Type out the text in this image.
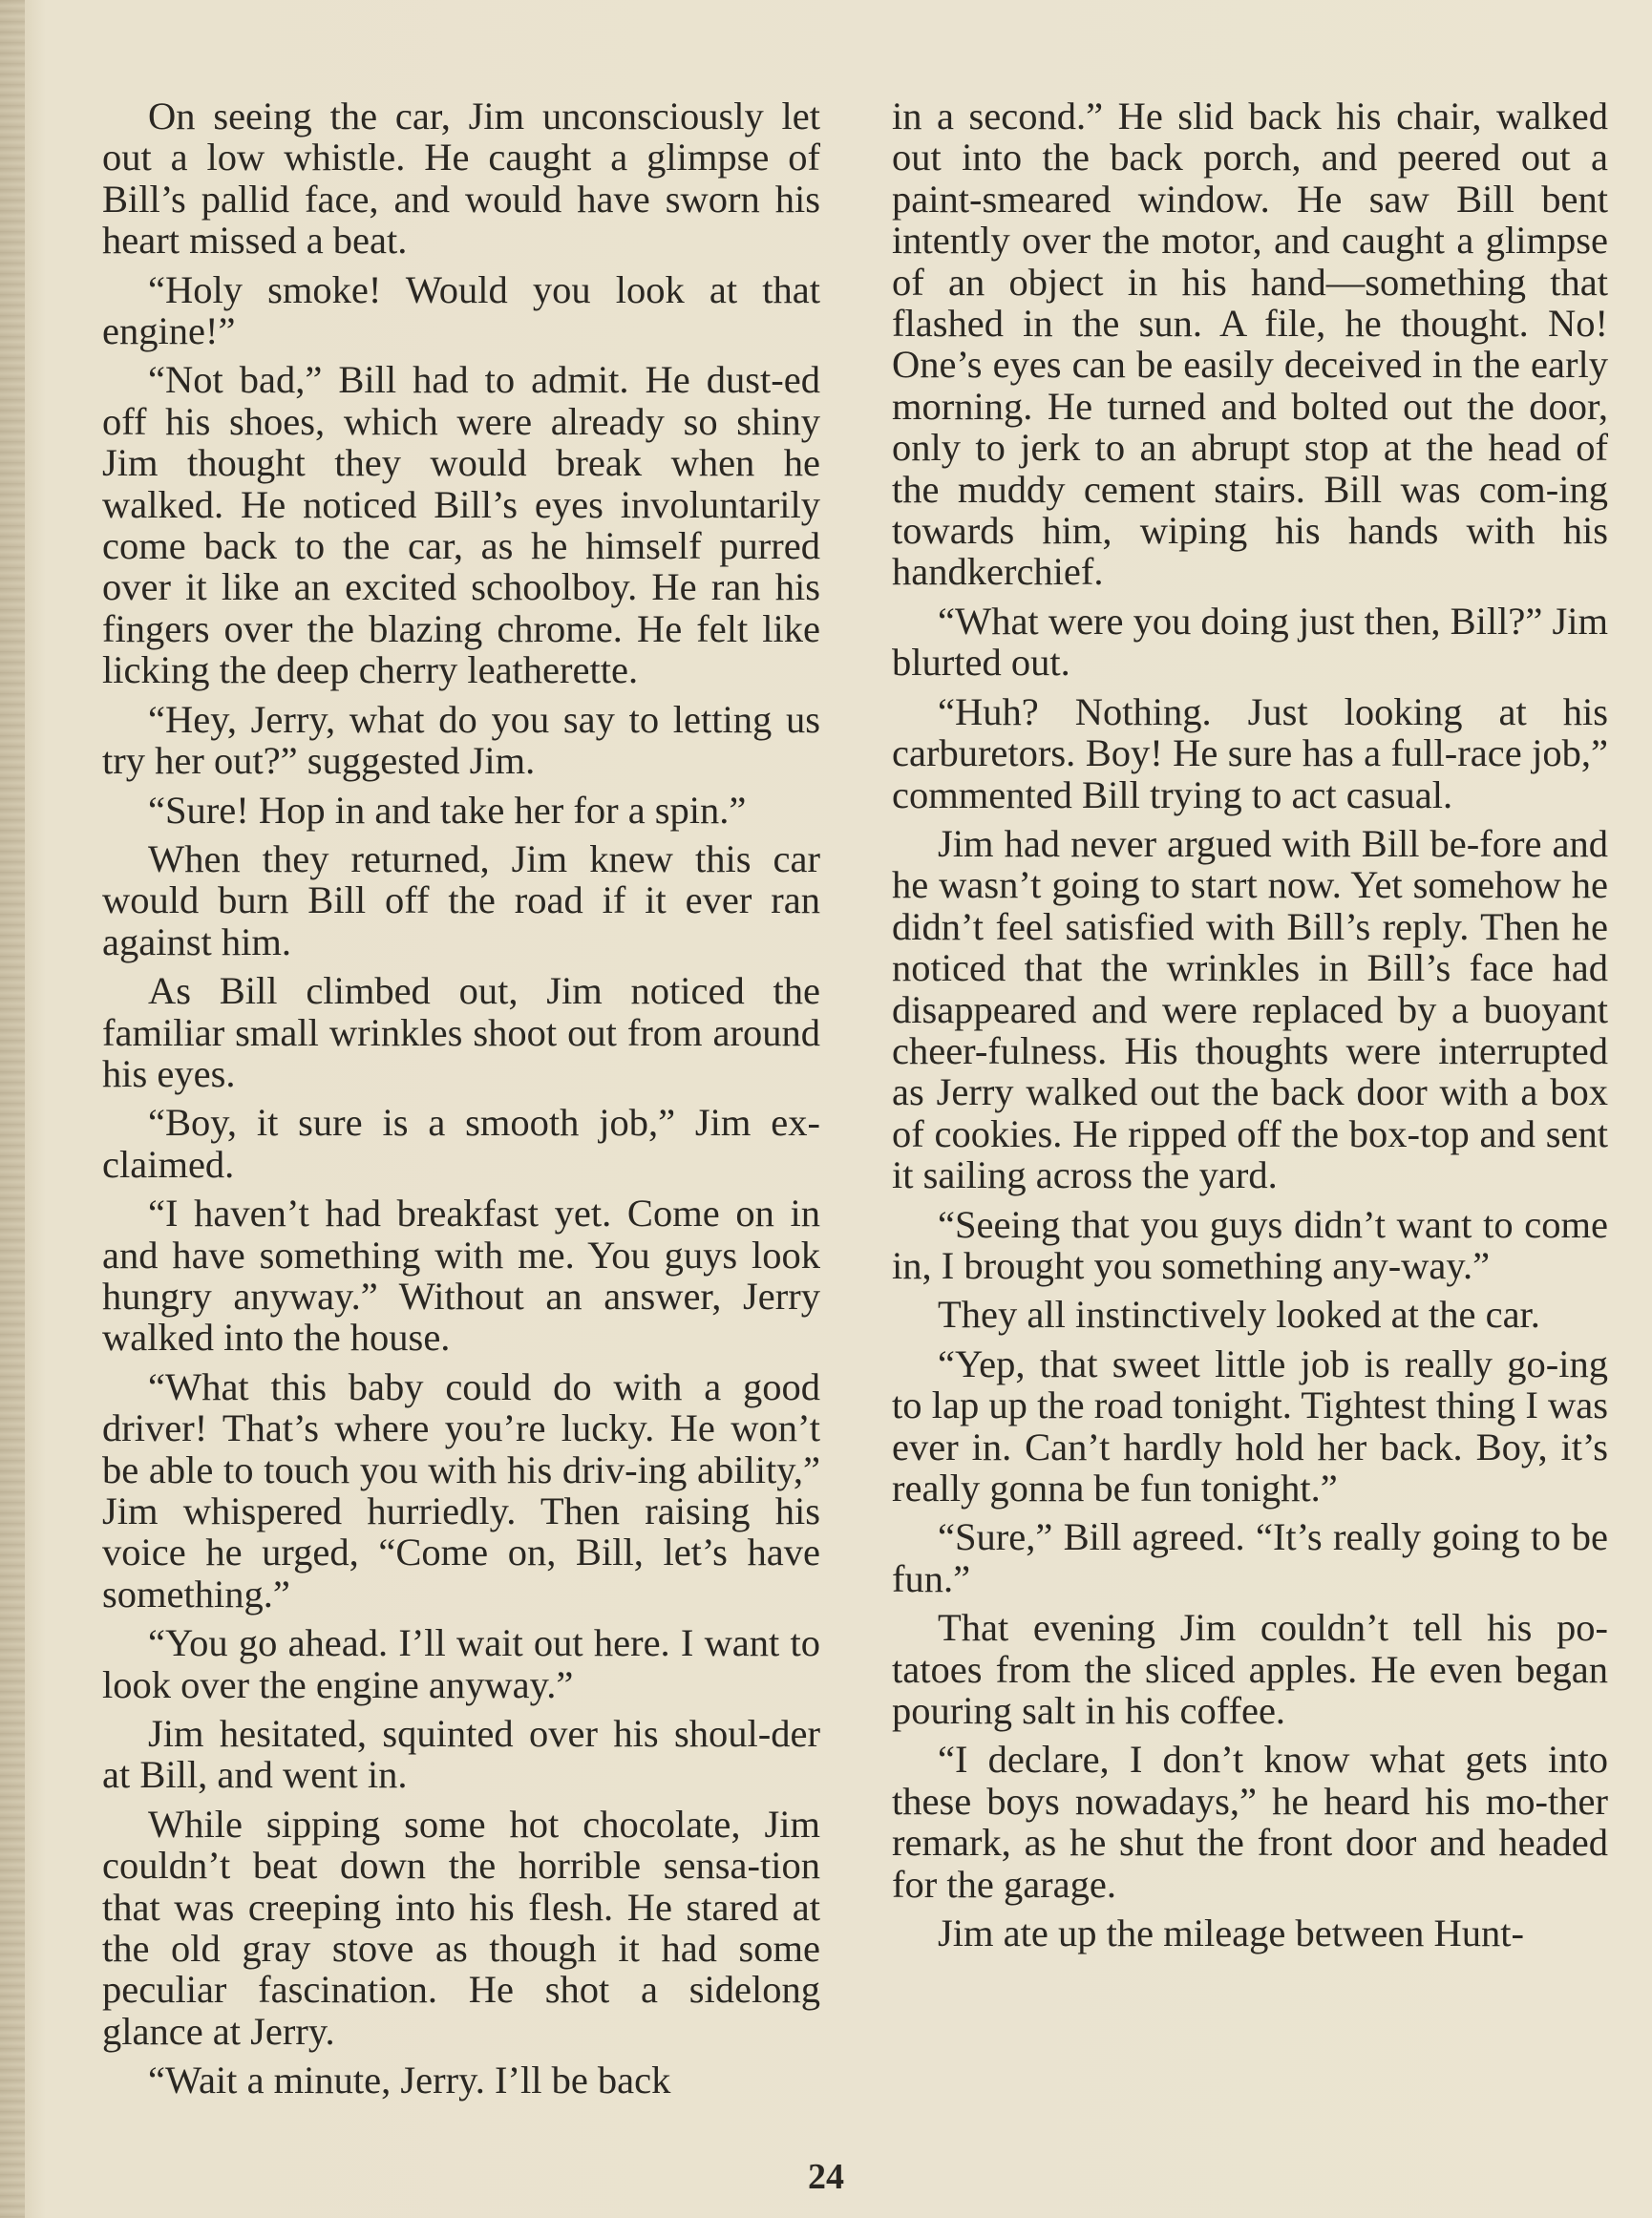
On seeing the car, Jim unconsciously let out a low whistle. He caught a glimpse of Bill’s pallid face, and would have sworn his heart missed a beat.

“Holy smoke! Would you look at that engine!”

“Not bad,” Bill had to admit. He dust-ed off his shoes, which were already so shiny Jim thought they would break when he walked. He noticed Bill’s eyes involuntarily come back to the car, as he himself purred over it like an excited schoolboy. He ran his fingers over the blazing chrome. He felt like licking the deep cherry leatherette.

“Hey, Jerry, what do you say to letting us try her out?” suggested Jim.

“Sure! Hop in and take her for a spin.”

When they returned, Jim knew this car would burn Bill off the road if it ever ran against him.

As Bill climbed out, Jim noticed the familiar small wrinkles shoot out from around his eyes.

“Boy, it sure is a smooth job,” Jim ex-claimed.

“I haven’t had breakfast yet. Come on in and have something with me. You guys look hungry anyway.” Without an answer, Jerry walked into the house.

“What this baby could do with a good driver! That’s where you’re lucky. He won’t be able to touch you with his driv-ing ability,” Jim whispered hurriedly. Then raising his voice he urged, “Come on, Bill, let’s have something.”

“You go ahead. I’ll wait out here. I want to look over the engine anyway.”

Jim hesitated, squinted over his shoul-der at Bill, and went in.

While sipping some hot chocolate, Jim couldn’t beat down the horrible sensa-tion that was creeping into his flesh. He stared at the old gray stove as though it had some peculiar fascination. He shot a sidelong glance at Jerry.

“Wait a minute, Jerry. I’ll be back

in a second.” He slid back his chair, walked out into the back porch, and peered out a paint-smeared window. He saw Bill bent intently over the motor, and caught a glimpse of an object in his hand—something that flashed in the sun. A file, he thought. No! One’s eyes can be easily deceived in the early morning. He turned and bolted out the door, only to jerk to an abrupt stop at the head of the muddy cement stairs. Bill was com-ing towards him, wiping his hands with his handkerchief.

“What were you doing just then, Bill?” Jim blurted out.

“Huh? Nothing. Just looking at his carburetors. Boy! He sure has a full-race job,” commented Bill trying to act casual.

Jim had never argued with Bill be-fore and he wasn’t going to start now. Yet somehow he didn’t feel satisfied with Bill’s reply. Then he noticed that the wrinkles in Bill’s face had disappeared and were replaced by a buoyant cheer-fulness. His thoughts were interrupted as Jerry walked out the back door with a box of cookies. He ripped off the box-top and sent it sailing across the yard.

“Seeing that you guys didn’t want to come in, I brought you something any-way.”

They all instinctively looked at the car.

“Yep, that sweet little job is really go-ing to lap up the road tonight. Tightest thing I was ever in. Can’t hardly hold her back. Boy, it’s really gonna be fun tonight.”

“Sure,” Bill agreed. “It’s really going to be fun.”

That evening Jim couldn’t tell his po-tatoes from the sliced apples. He even began pouring salt in his coffee.

“I declare, I don’t know what gets into these boys nowadays,” he heard his mo-ther remark, as he shut the front door and headed for the garage.

Jim ate up the mileage between Hunt-

24
